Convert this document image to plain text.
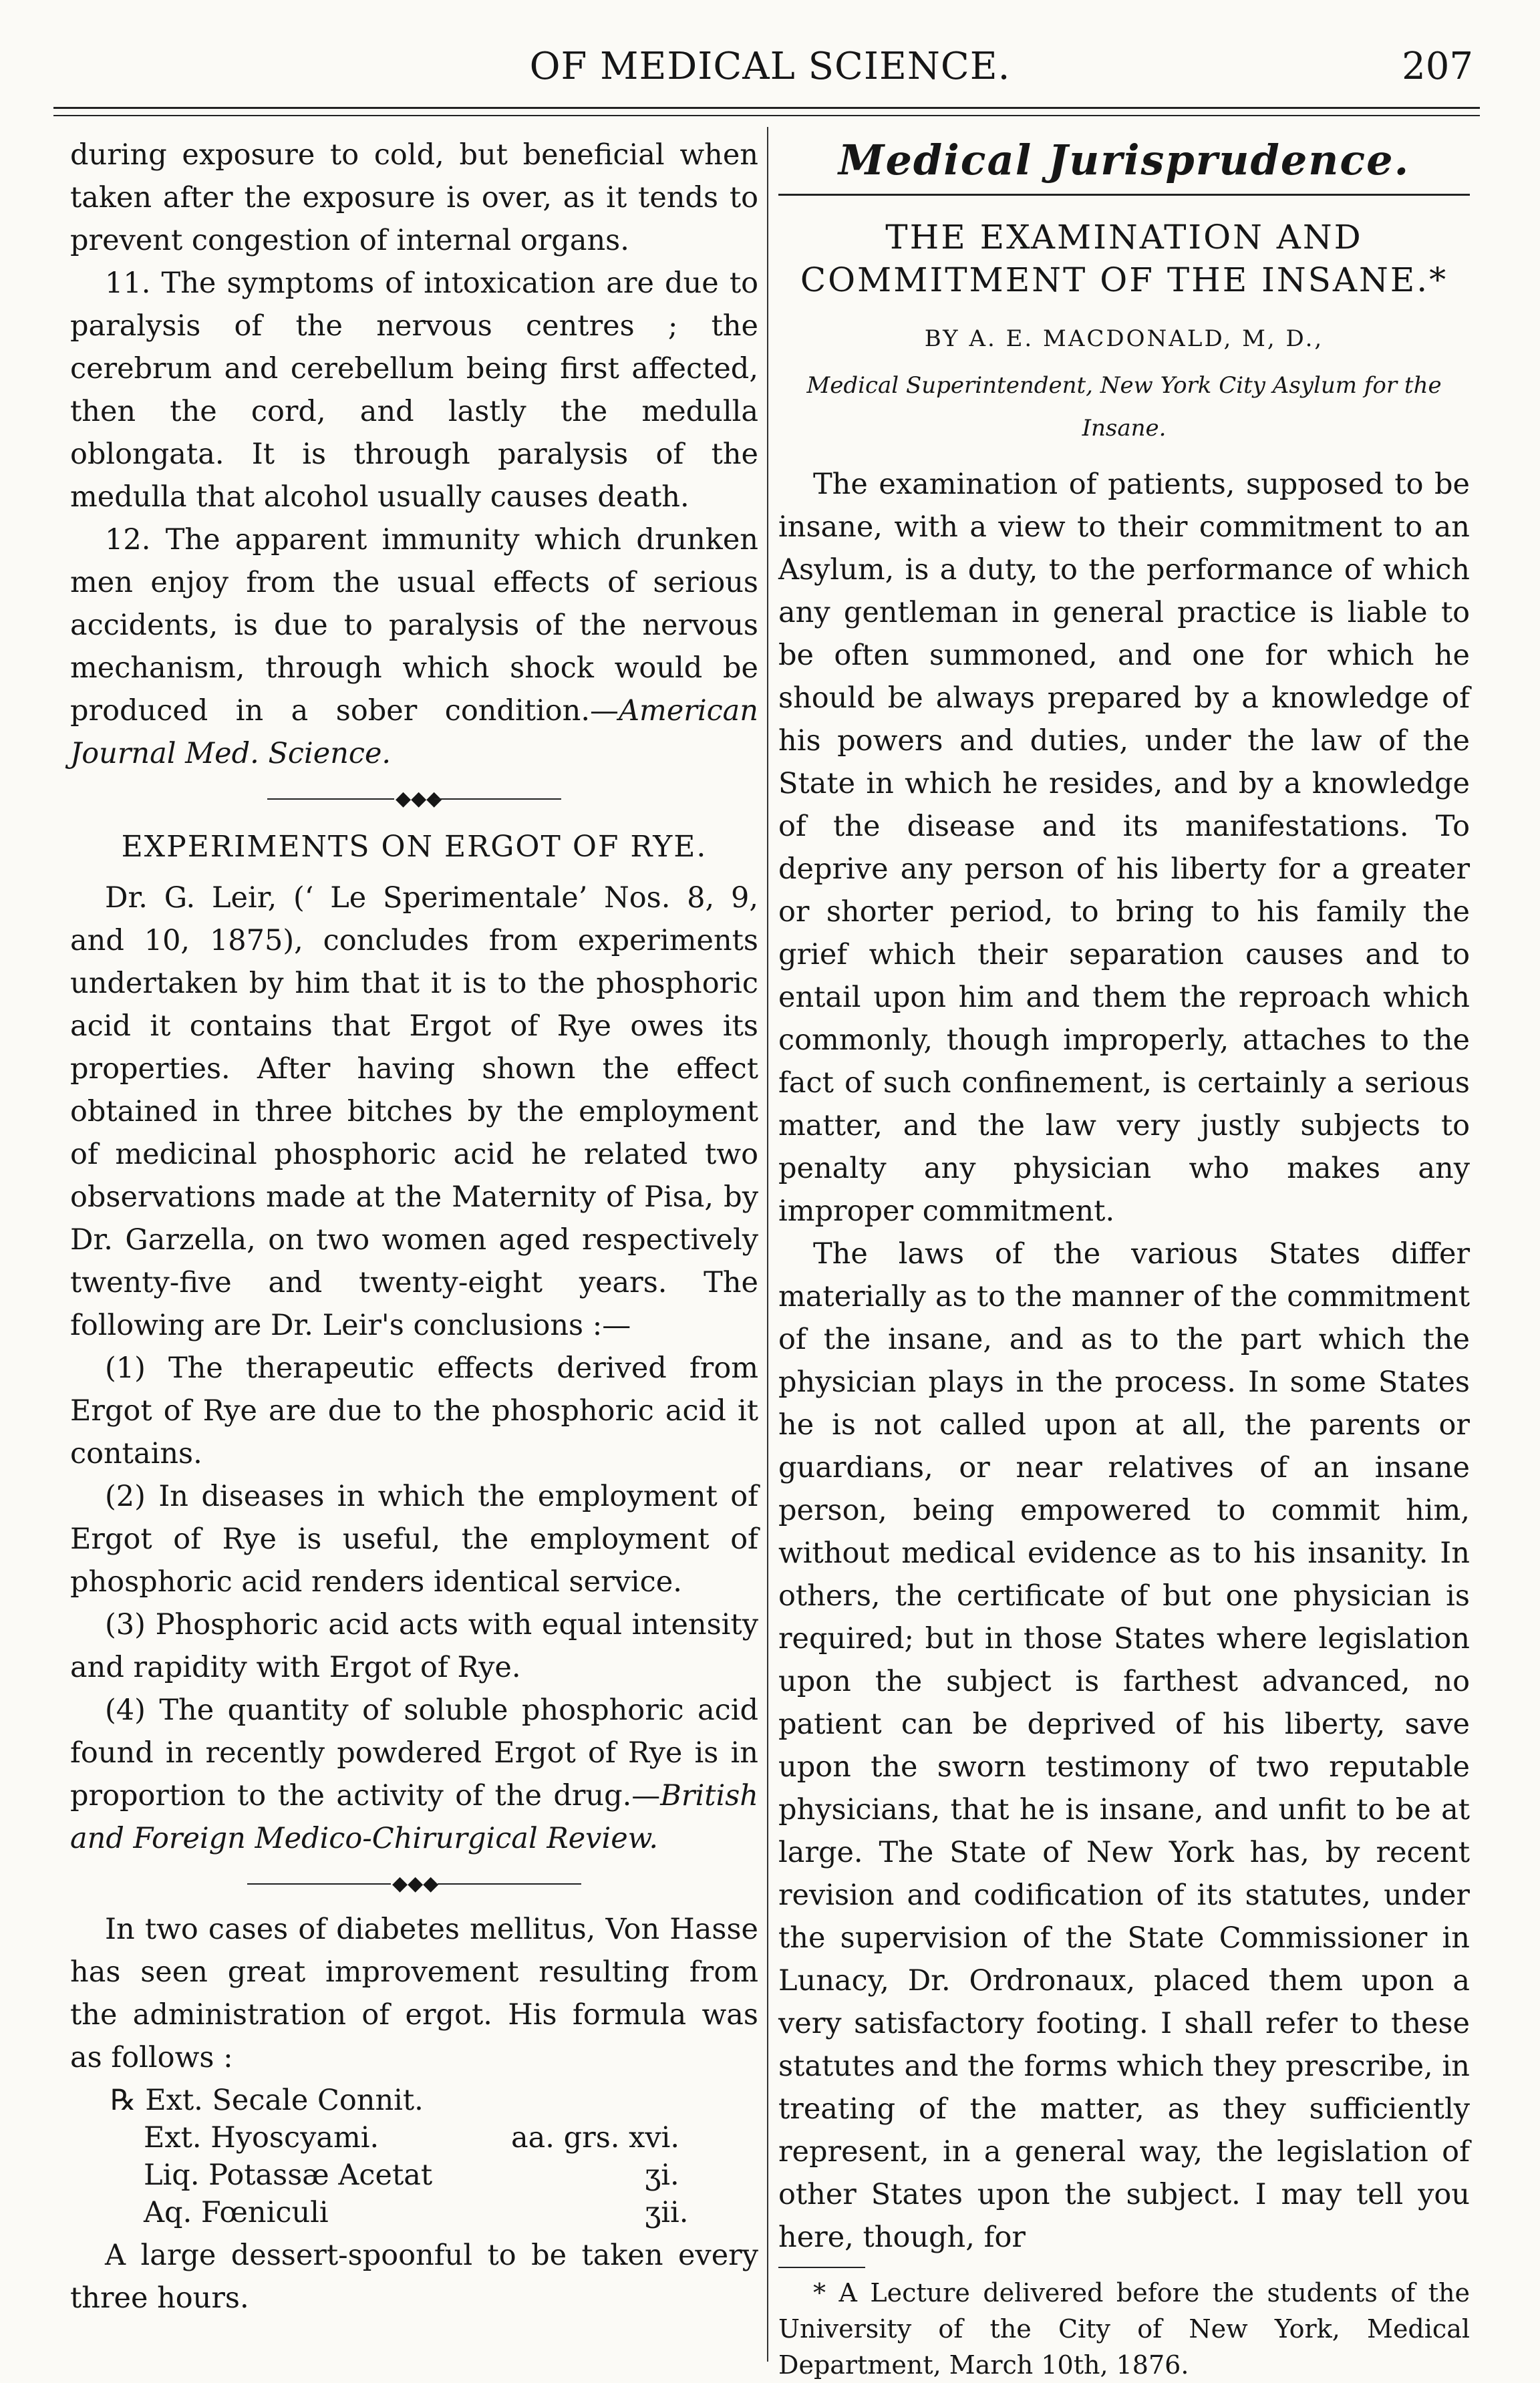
OF MEDICAL SCIENCE.	207

during exposure to cold, but beneficial when taken after the exposure is over, as it tends to prevent congestion of internal organs.

11. The symptoms of intoxication are due to paralysis of the nervous centres ; the cerebrum and cerebellum being first affected, then the cord, and lastly the medulla oblongata. It is through paralysis of the medulla that alcohol usually causes death.

12. The apparent immunity which drunken men enjoy from the usual effects of serious accidents, is due to paralysis of the nervous mechanism, through which shock would be produced in a sober condition.—American Journal Med. Science.

◆◆◆
EXPERIMENTS ON ERGOT OF RYE.

Dr. G. Leir, (‘ Le Sperimentale’ Nos. 8, 9, and 10, 1875), concludes from experiments undertaken by him that it is to the phosphoric acid it contains that Ergot of Rye owes its properties. After having shown the effect obtained in three bitches by the employment of medicinal phosphoric acid he related two observations made at the Maternity of Pisa, by Dr. Garzella, on two women aged respectively twenty-five and twenty-eight years. The following are Dr. Leir's conclusions :—

(1) The therapeutic effects derived from Ergot of Rye are due to the phosphoric acid it contains.

(2) In diseases in which the employment of Ergot of Rye is useful, the employment of phosphoric acid renders identical service.

(3) Phosphoric acid acts with equal intensity and rapidity with Ergot of Rye.

(4) The quantity of soluble phosphoric acid found in recently powdered Ergot of Rye is in proportion to the activity of the drug.—British and Foreign Medico-Chirurgical Review.

◆◆◆

In two cases of diabetes mellitus, Von Hasse has seen great improvement resulting from the administration of ergot. His formula was as follows :

℞ Ext. Secale Connit.
Ext. Hyoscyami.	aa. grs. xvi.
Liq. Potassæ Acetat	ʒi.
Aq. Fœniculi	ʒii.

A large dessert-spoonful to be taken every three hours.

Medical Jurisprudence.
THE EXAMINATION AND COMMITMENT OF THE INSANE.*
BY A. E. MACDONALD, M, D.,
Medical Superintendent, New York City Asylum for the Insane.

The examination of patients, supposed to be insane, with a view to their commitment to an Asylum, is a duty, to the performance of which any gentleman in general practice is liable to be often summoned, and one for which he should be always prepared by a knowledge of his powers and duties, under the law of the State in which he resides, and by a knowledge of the disease and its manifestations. To deprive any person of his liberty for a greater or shorter period, to bring to his family the grief which their separation causes and to entail upon him and them the reproach which commonly, though improperly, attaches to the fact of such confinement, is certainly a serious matter, and the law very justly subjects to penalty any physician who makes any improper commitment.

The laws of the various States differ materially as to the manner of the commitment of the insane, and as to the part which the physician plays in the process. In some States he is not called upon at all, the parents or guardians, or near relatives of an insane person, being empowered to commit him, without medical evidence as to his insanity. In others, the certificate of but one physician is required; but in those States where legislation upon the subject is farthest advanced, no patient can be deprived of his liberty, save upon the sworn testimony of two reputable physicians, that he is insane, and unfit to be at large. The State of New York has, by recent revision and codification of its statutes, under the supervision of the State Commissioner in Lunacy, Dr. Ordronaux, placed them upon a very satisfactory footing. I shall refer to these statutes and the forms which they prescribe, in treating of the matter, as they sufficiently represent, in a general way, the legislation of other States upon the subject. I may tell you here, though, for

* A Lecture delivered before the students of the University of the City of New York, Medical Department, March 10th, 1876.
